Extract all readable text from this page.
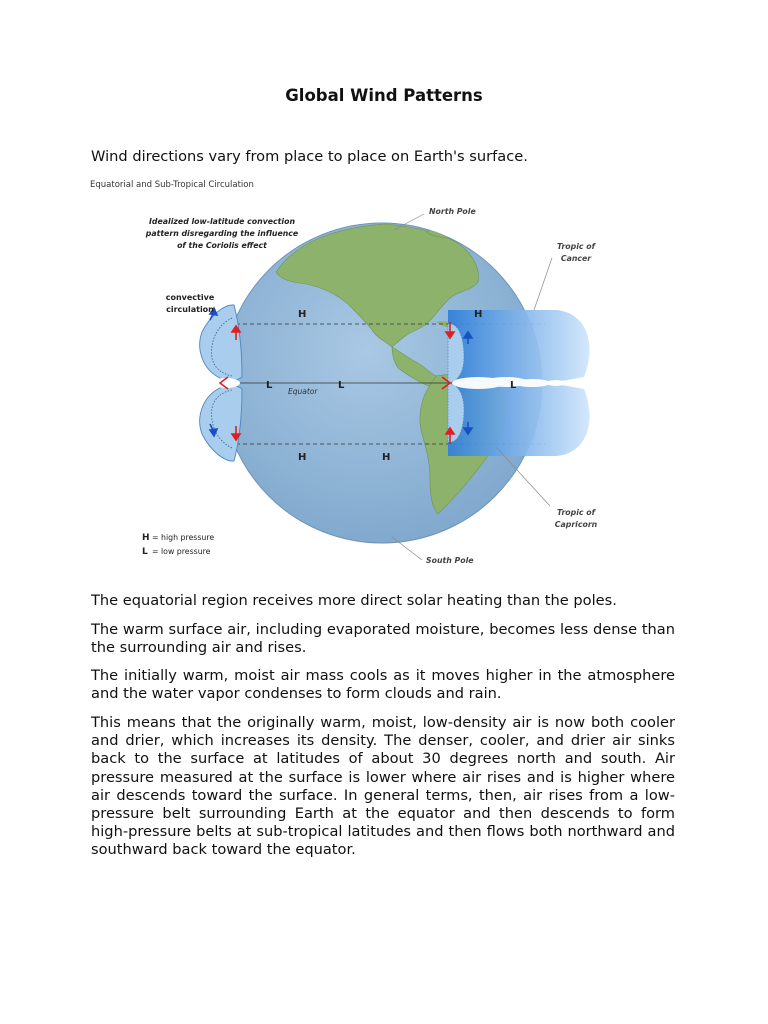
Global Wind Patterns
Wind directions vary from place to place on Earth's surface.
Equatorial and Sub-Tropical Circulation
Idealized low-latitude convection
pattern disregarding the influence
of the Coriolis effect
H	H
H	H
L	L	L
Equator
convective
circulation
North Pole
South Pole
Tropic of
Cancer
Tropic of
Capricorn
H = high pressure
L = low pressure
The equatorial region receives more direct solar heating than the poles.
The warm surface air, including evaporated moisture, becomes less dense than the surrounding air and rises.
The initially warm, moist air mass cools as it moves higher in the atmosphere and the water vapor condenses to form clouds and rain.
This means that the originally warm, moist, low-density air is now both cooler and drier, which increases its density. The denser, cooler, and drier air sinks back to the surface at latitudes of about 30 degrees north and south. Air pressure measured at the surface is lower where air rises and is higher where air descends toward the surface. In general terms, then, air rises from a low-pressure belt surrounding Earth at the equator and then descends to form high-pressure belts at sub-tropical latitudes and then flows both northward and southward back toward the equator.
